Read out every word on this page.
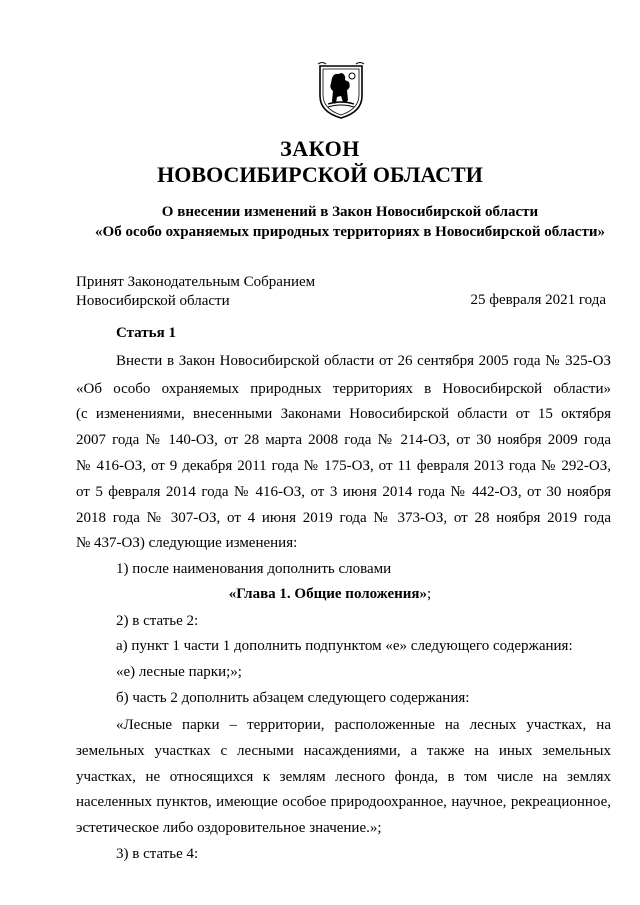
ЗАКОН
НОВОСИБИРСКОЙ ОБЛАСТИ
О внесении изменений в Закон Новосибирской области
«Об особо охраняемых природных территориях в Новосибирской области»
Принят Законодательным Собранием
Новосибирской области	25 февраля 2021 года
Статья 1
Внести в Закон Новосибирской области от 26 сентября 2005 года № 325-ОЗ
«Об особо охраняемых природных территориях в Новосибирской области»
(с изменениями, внесенными Законами Новосибирской области от 15 октября
2007 года № 140-ОЗ, от 28 марта 2008 года № 214-ОЗ, от 30 ноября 2009 года
№ 416-ОЗ, от 9 декабря 2011 года № 175-ОЗ, от 11 февраля 2013 года № 292-ОЗ,
от 5 февраля 2014 года № 416-ОЗ, от 3 июня 2014 года № 442-ОЗ, от 30 ноября
2018 года № 307-ОЗ, от 4 июня 2019 года № 373-ОЗ, от 28 ноября 2019 года
№ 437-ОЗ) следующие изменения:
1) после наименования дополнить словами
«Глава 1. Общие положения»;
2) в статье 2:
а) пункт 1 части 1 дополнить подпунктом «е» следующего содержания:
«е) лесные парки;»;
б) часть 2 дополнить абзацем следующего содержания:
«Лесные парки – территории, расположенные на лесных участках, на
земельных участках с лесными насаждениями, а также на иных земельных
участках, не относящихся к землям лесного фонда, в том числе на землях
населенных пунктов, имеющие особое природоохранное, научное, рекреационное,
эстетическое либо оздоровительное значение.»;
3) в статье 4:
